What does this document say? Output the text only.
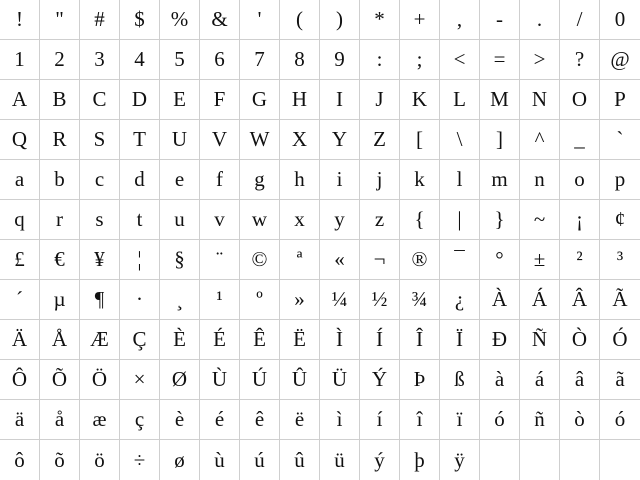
!	"	#	$	%	&	'	(	)	*	+	,	-	.	/	0
1	2	3	4	5	6	7	8	9	:	;	<	=	>	?	@
A	B	C	D	E	F	G	H	I	J	K	L	M	N	O	P
Q	R	S	T	U	V	W	X	Y	Z	[	\	]	^	_	`
a	b	c	d	e	f	g	h	i	j	k	l	m	n	o	p
q	r	s	t	u	v	w	x	y	z	{	|	}	~	¡	¢
£	€	¥	¦	§	¨	©	ª	«	¬	®	¯	°	±	²	³
´	µ	¶	·	¸	¹	º	»	¼	½	¾	¿	À	Á	Â	Ã
Ä	Å	Æ	Ç	È	É	Ê	Ë	Ì	Í	Î	Ï	Ð	Ñ	Ò	Ó
Ô	Õ	Ö	×	Ø	Ù	Ú	Û	Ü	Ý	Þ	ß	à	á	â	ã
ä	å	æ	ç	è	é	ê	ë	ì	í	î	ï	ó	ñ	ò	ó
ô	õ	ö	÷	ø	ù	ú	û	ü	ý	þ	ÿ
